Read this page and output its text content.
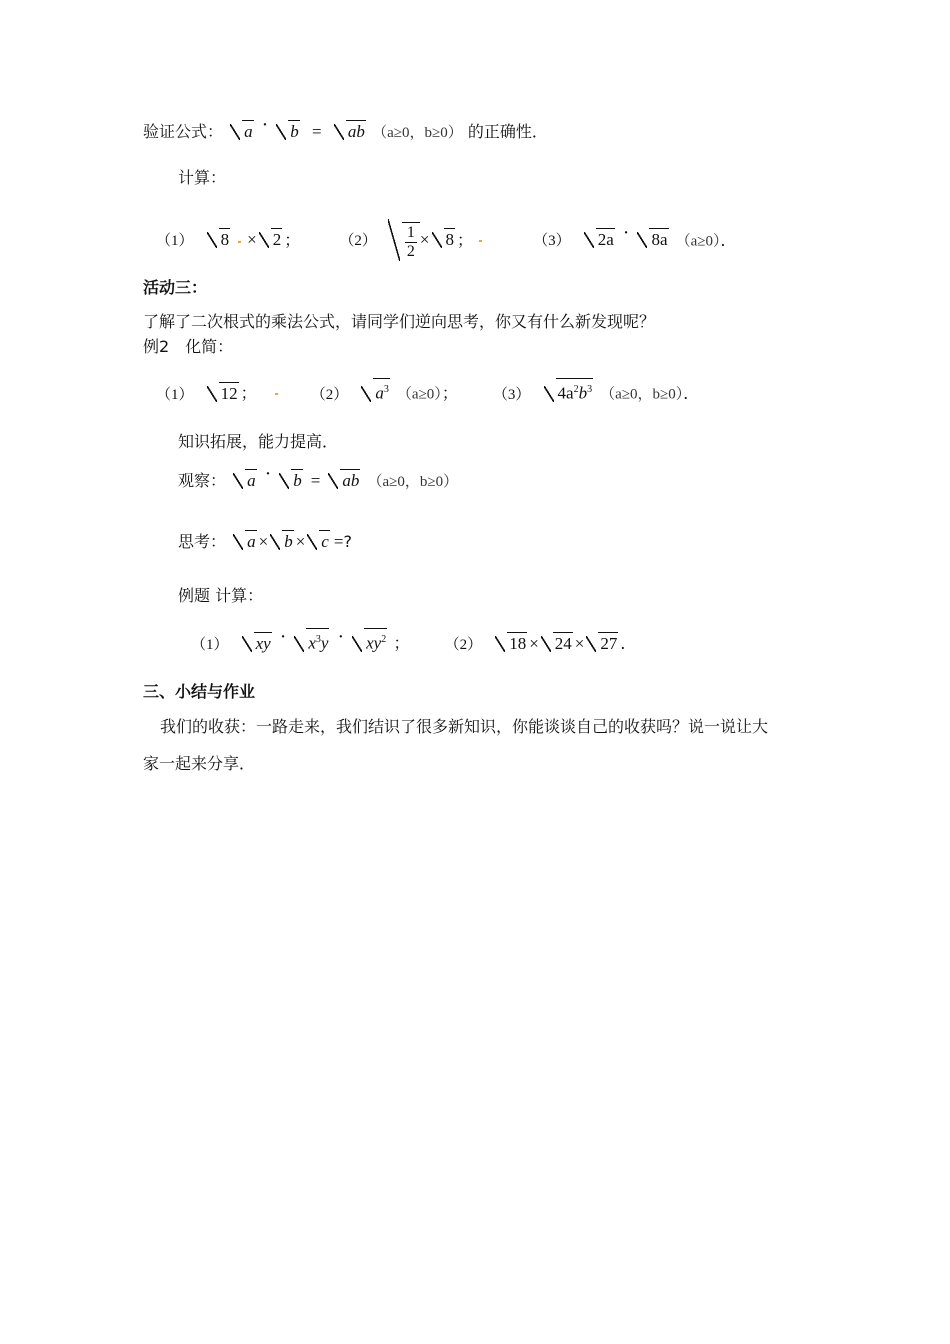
验证公式： a · b = ab （a≥0，b≥0） 的正确性．
计算：
（1） 8 × 2 ；	$(2) \frac{1}{2} \times 8$ ；	（3） 2a · 8a （a≥0）．
活动三：
了解了二次根式的乘法公式，请同学们逆向思考，你又有什么新发现呢？
例2　化简：
（1） 12 ；	（2） $a^3$ （a≥0）； （3） $4a^2b^3$ （a≥0，b≥0）．
知识拓展，能力提高．
观察： a · b = ab （a≥0，b≥0）
思考： a × b × c =?
例题 计算：
（1） xy · $x^3y \cdot xy^2$ ； （2） 18 × 24 × 27 ．
三、小结与作业
我们的收获：一路走来，我们结识了很多新知识，你能谈谈自己的收获吗？说一说让大
家一起来分享．
